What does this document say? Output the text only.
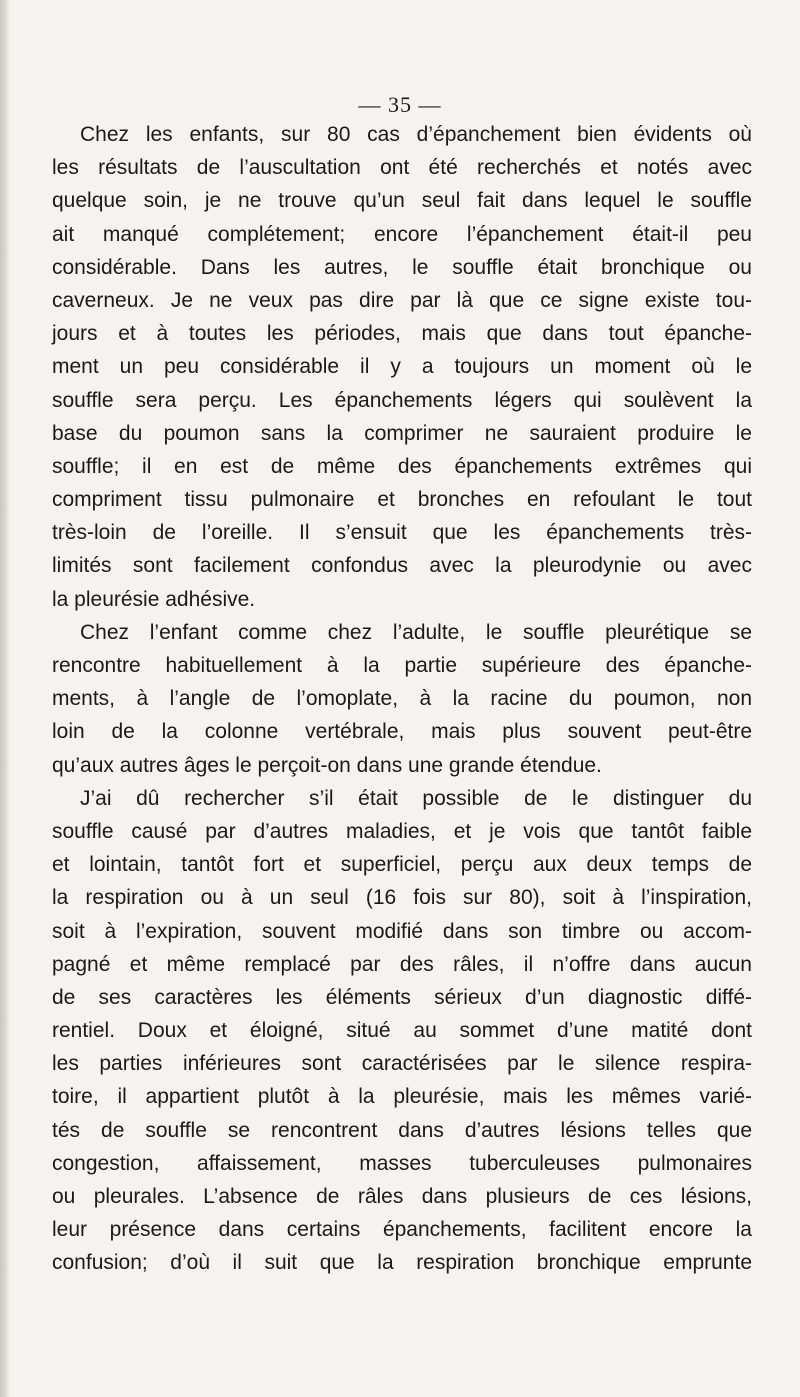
— 35 —
Chez les enfants, sur 80 cas d’épanchement bien évidents où
les résultats de l’auscultation ont été recherchés et notés avec
quelque soin, je ne trouve qu’un seul fait dans lequel le souffle
ait manqué complétement; encore l’épanchement était-il peu
considérable. Dans les autres, le souffle était bronchique ou
caverneux. Je ne veux pas dire par là que ce signe existe tou-
jours et à toutes les périodes, mais que dans tout épanche-
ment un peu considérable il y a toujours un moment où le
souffle sera perçu. Les épanchements légers qui soulèvent la
base du poumon sans la comprimer ne sauraient produire le
souffle; il en est de même des épanchements extrêmes qui
compriment tissu pulmonaire et bronches en refoulant le tout
très-loin de l’oreille. Il s’ensuit que les épanchements très-
limités sont facilement confondus avec la pleurodynie ou avec
la pleurésie adhésive.
Chez l’enfant comme chez l’adulte, le souffle pleurétique se
rencontre habituellement à la partie supérieure des épanche-
ments, à l’angle de l’omoplate, à la racine du poumon, non
loin de la colonne vertébrale, mais plus souvent peut-être
qu’aux autres âges le perçoit-on dans une grande étendue.
J’ai dû rechercher s’il était possible de le distinguer du
souffle causé par d’autres maladies, et je vois que tantôt faible
et lointain, tantôt fort et superficiel, perçu aux deux temps de
la respiration ou à un seul (16 fois sur 80), soit à l’inspiration,
soit à l’expiration, souvent modifié dans son timbre ou accom-
pagné et même remplacé par des râles, il n’offre dans aucun
de ses caractères les éléments sérieux d’un diagnostic diffé-
rentiel. Doux et éloigné, situé au sommet d’une matité dont
les parties inférieures sont caractérisées par le silence respira-
toire, il appartient plutôt à la pleurésie, mais les mêmes varié-
tés de souffle se rencontrent dans d’autres lésions telles que
congestion, affaissement, masses tuberculeuses pulmonaires
ou pleurales. L’absence de râles dans plusieurs de ces lésions,
leur présence dans certains épanchements, facilitent encore la
confusion; d’où il suit que la respiration bronchique emprunte
